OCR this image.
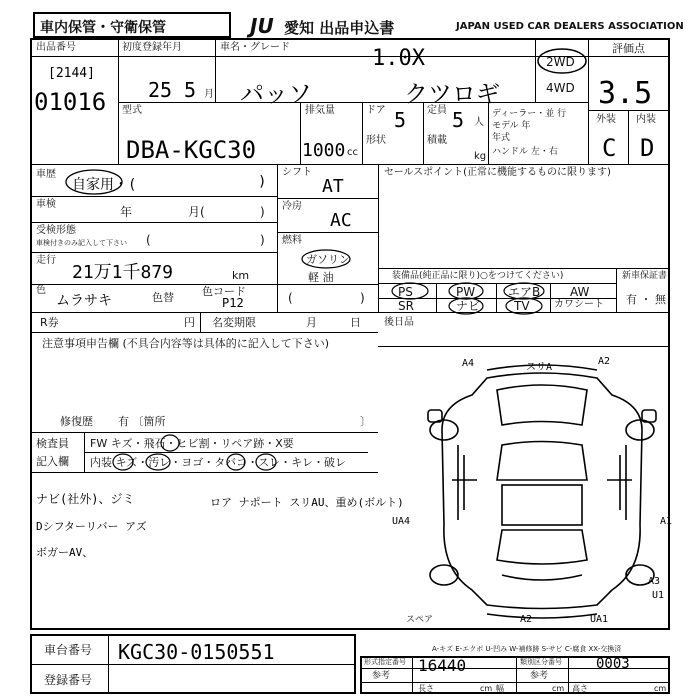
車内保管・守衛保管	JU 愛知 出品申込書	JAPAN USED CAR DEALERS ASSOCIATION
出品番号
[2144]
01016
初度登録年月
25 5 月
車名・グレード
パッソ
1.0X
クツロギ
2WD
4WD
評価点
3.5
外装 内装
C D
型式
DBA-KGC30
排気量
1000 cc
ドア 5
形状
定員 5 人
積載
kg
ディーラー・並 行
モデル 年
年式
ハンドル 左・右
車歴
自家用・(	)
車検
年	月(	)
受検形態
車検付きのみ記入して下さい (	)
走行
21万1千879	km
色
ムラサキ	色替	色コード
P12
シフト
AT
冷房
AC
燃料
ガソリン
軽 油
(	)
セールスポイント(正常に機能するものに限ります)
装備品(純正品に限り)○をつけてください)
PS	PW	エアB AW
SR	ナビ	TV カワシート
新車保証書
有 ・ 無
R券	円 名変期限	月	日 後日品
注意事項申告欄 (不具合内容等は具体的に記入して下さい)
修復歴 有 〔箇所	〕
検査員
記入欄
FW キズ・飛石・ヒビ割・リペア跡・X要
内装 キズ・汚レ・ヨゴ・タバコ・スレ・キレ・破レ
ナビ(社外)、ジミ	ロア ナポート スリAU、重め(ボルト)
Dシフターリバー アズ
ボガーAV、
A4	スリA
A2
UA4	A1
A3
U1
UA1
スペア	A2
A-キズ E-エクボ U-凹み W-補修跡 S-サビ C-腐食 XX-交換済
車台番号 KGC30-0150551
登録番号
形式指定番号	類別区分番号
16440	0003
参考	参考
長さ	幅	高さ
cm	cm	cm
